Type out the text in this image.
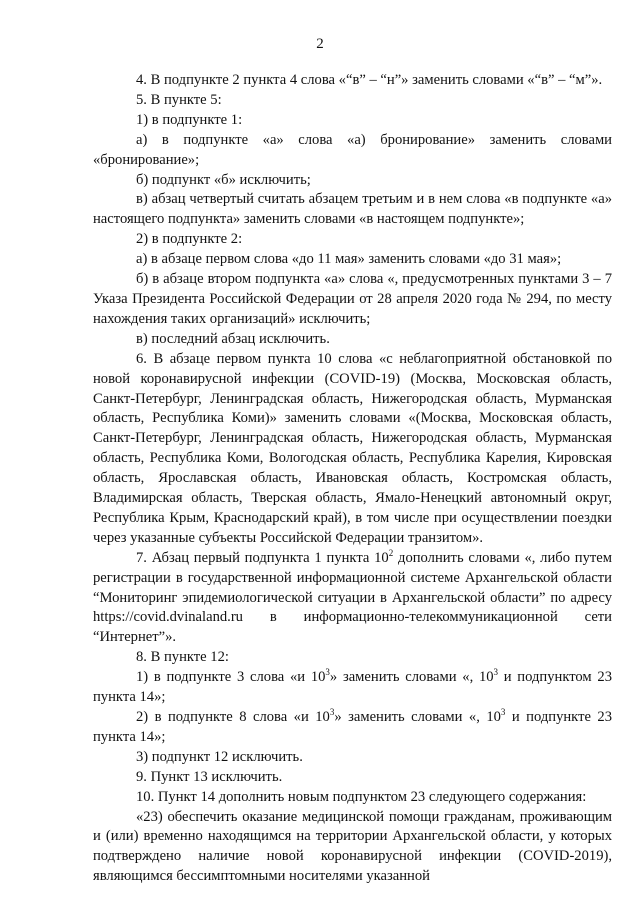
2

4. В подпункте 2 пункта 4 слова «“в” – “н”» заменить словами «“в” – “м”».

5. В пункте 5:

1) в подпункте 1:

а) в подпункте «а» слова «а) бронирование» заменить словами «бронирование»;

б) подпункт «б» исключить;

в) абзац четвертый считать абзацем третьим и в нем слова «в подпункте «а» настоящего подпункта» заменить словами «в настоящем подпункте»;

2) в подпункте 2:

а) в абзаце первом слова «до 11 мая» заменить словами «до 31 мая»;

б) в абзаце втором подпункта «а» слова «, предусмотренных пунктами 3 – 7 Указа Президента Российской Федерации от 28 апреля 2020 года № 294, по месту нахождения таких организаций» исключить;

в) последний абзац исключить.

6. В абзаце первом пункта 10 слова «с неблагоприятной обстановкой по новой коронавирусной инфекции (COVID-19) (Москва, Московская область, Санкт-Петербург, Ленинградская область, Нижегородская область, Мурманская область, Республика Коми)» заменить словами «(Москва, Московская область, Санкт-Петербург, Ленинградская область, Нижегородская область, Мурманская область, Республика Коми, Вологодская область, Республика Карелия, Кировская область, Ярославская область, Ивановская область, Костромская область, Владимирская область, Тверская область, Ямало-Ненецкий автономный округ, Республика Крым, Краснодарский край), в том числе при осуществлении поездки через указанные субъекты Российской Федерации транзитом».

7. Абзац первый подпункта 1 пункта $10^2$ дополнить словами «, либо путем регистрации в государственной информационной системе Архангельской области “Мониторинг эпидемиологической ситуации в Архангельской области” по адресу https://covid.dvinaland.ru в информационно-телекоммуникационной сети “Интернет”».

8. В пункте 12:

1) в подпункте 3 слова «и $10^3$» заменить словами «, $10^3$ и подпунктом 23 пункта 14»;

2) в подпункте 8 слова «и $10^3$» заменить словами «, $10^3$ и подпункте 23 пункта 14»;

3) подпункт 12 исключить.

9. Пункт 13 исключить.

10. Пункт 14 дополнить новым подпунктом 23 следующего содержания:

«23) обеспечить оказание медицинской помощи гражданам, проживающим и (или) временно находящимся на территории Архангельской области, у которых подтверждено наличие новой коронавирусной инфекции (COVID-2019), являющимся бессимптомными носителями указанной
